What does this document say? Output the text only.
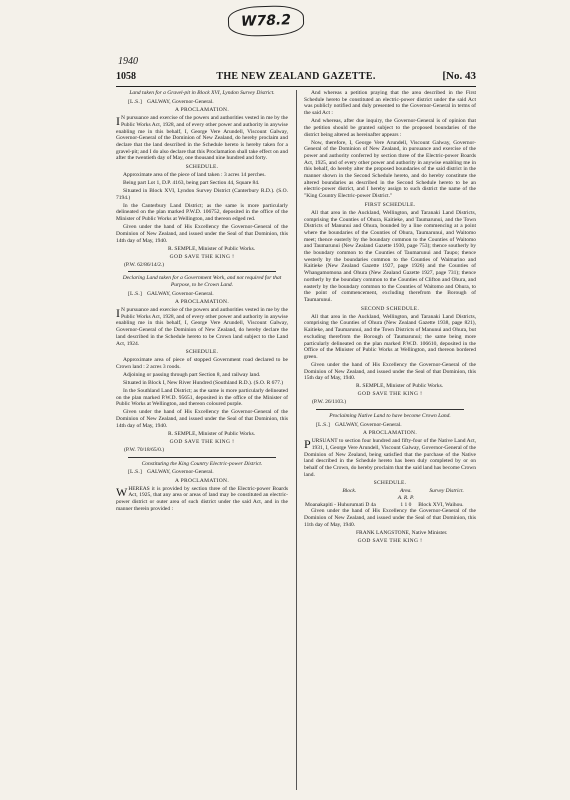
W78.2
1940
1058	THE NEW ZEALAND GAZETTE.	[No. 43

Land taken for a Gravel-pit in Block XVI, Lyndon Survey District.

[L.S.] GALWAY, Governor-General.

A PROCLAMATION.

I N pursuance and exercise of the powers and authorities vested in me by the Public Works Act, 1928, and of every other power and authority in anywise enabling me in this behalf, I, George Vere Arundell, Viscount Galway, Governor-General of the Dominion of New Zealand, do hereby proclaim and declare that the land described in the Schedule hereto is hereby taken for a gravel-pit; and I do also declare that this Proclamation shall take effect on and after the twentieth day of May, one thousand nine hundred and forty.

SCHEDULE.

Approximate area of the piece of land taken : 3 acres 14 perches.

Being part Lot 1, D.P. 4163, being part Section 44, Square 84.

Situated in Block XVI, Lyndon Survey District (Canterbury R.D.). (S.O. 7194.)

In the Canterbury Land District; as the same is more particularly delineated on the plan marked P.W.D. 106752, deposited in the office of the Minister of Public Works at Wellington, and thereon edged red.

Given under the hand of His Excellency the Governor-General of the Dominion of New Zealand, and issued under the Seal of that Dominion, this 14th day of May, 1940.

R. SEMPLE, Minister of Public Works.

GOD SAVE THE KING !

(P.W. 62/86/14/2.)

Declaring Land taken for a Government Work, and not required for that Purpose, to be Crown Land.

[L.S.] GALWAY, Governor-General.

A PROCLAMATION.

I N pursuance and exercise of the powers and authorities vested in me by the Public Works Act, 1928, and of every other power and authority in anywise enabling me in this behalf, I, George Vere Arundell, Viscount Galway, Governor-General of the Dominion of New Zealand, do hereby declare the land described in the Schedule hereto to be Crown land subject to the Land Act, 1924.

SCHEDULE.

Approximate area of piece of stopped Government road declared to be Crown land : 2 acres 3 roods.

Adjoining or passing through part Section 8, and railway land.

Situated in Block I, New River Hundred (Southland R.D.). (S.O. R 677.)

In the Southland Land District; as the same is more particularly delineated on the plan marked P.W.D. 95651, deposited in the office of the Minister of Public Works at Wellington, and thereon coloured purple.

Given under the hand of His Excellency the Governor-General of the Dominion of New Zealand, and issued under the Seal of that Dominion, this 14th day of May, 1940.

R. SEMPLE, Minister of Public Works.

GOD SAVE THE KING !

(P.W. 70/18/65/0.)

Constituting the King Country Electric-power District.

[L.S.] GALWAY, Governor-General.

A PROCLAMATION.

WHEREAS it is provided by section three of the Electric-power Boards Act, 1925, that any area or areas of land may be constituted an electric-power district or outer area of such district under the said Act, and in the manner therein provided :

And whereas a petition praying that the area described in the First Schedule hereto be constituted an electric-power district under the said Act was publicly notified and duly presented to the Governor-General in terms of the said Act :

And whereas, after due inquiry, the Governor-General is of opinion that the petition should be granted subject to the proposed boundaries of the district being altered as hereinafter appears :

Now, therefore, I, George Vere Arundell, Viscount Galway, Governor-General of the Dominion of New Zealand, in pursuance and exercise of the power and authority conferred by section three of the Electric-power Boards Act, 1925, and of every other power and authority in anywise enabling me in this behalf, do hereby alter the proposed boundaries of the said district in the manner shown in the Second Schedule hereto, and do hereby constitute the altered boundaries as described in the Second Schedule hereto to be an electric-power district, and I hereby assign to such district the name of the "King Country Electric-power District."

FIRST SCHEDULE.

All that area in the Auckland, Wellington, and Taranaki Land Districts, comprising the Counties of Ohura, Kaitieke, and Taumarunui, and the Town Districts of Manunui and Ohura, bounded by a line commencing at a point where the boundaries of the Counties of Ohura, Taumarunui, and Waitomo meet; thence easterly by the boundary common to the Counties of Waitomo and Taumarunui (New Zealand Gazette 1930, page 753); thence southerly by the boundary common to the Counties of Taumarunui and Taupo; thence westerly by the boundaries common to the Counties of Waimarino and Kaitieke (New Zealand Gazette 1927, page 1926) and the Counties of Whangamomona and Ohura (New Zealand Gazette 1927, page 731); thence northerly by the boundary common to the Counties of Clifton and Ohura, and easterly by the boundary common to the Counties of Waitomo and Ohura, to the point of commencement, excluding therefrom the Borough of Taumarunui.

SECOND SCHEDULE.

All that area in the Auckland, Wellington, and Taranaki Land Districts, comprising the Counties of Ohura (New Zealand Gazette 1938, page 821), Kaitieke, and Taumarunui, and the Town Districts of Manunui and Ohura, but excluding therefrom the Borough of Taumarunui; the same being more particularly delineated on the plan marked P.W.D. 106610, deposited in the Office of the Minister of Public Works at Wellington, and thereon bordered green.

Given under the hand of His Excellency the Governor-General of the Dominion of New Zealand, and issued under the Seal of that Dominion, this 15th day of May, 1940.

R. SEMPLE, Minister of Public Works.

GOD SAVE THE KING !

(P.W. 26/1103.)

Proclaiming Native Land to have become Crown Land.

[L.S.] GALWAY, Governor-General.

A PROCLAMATION.

PURSUANT to section four hundred and fifty-four of the Native Land Act, 1931, I, George Vere Arundell, Viscount Galway, Governor-General of the Dominion of New Zealand, being satisfied that the purchase of the Native land described in the Schedule hereto has been duly completed by or on behalf of the Crown, do hereby proclaim that the said land has become Crown land.

SCHEDULE.

Block.	Area.	Survey District.
	A. R. P.	
Moanakapiti - Huhurumati D 4a	1 1 0	Block XVI, Waihou.

Given under the hand of His Excellency the Governor-General of the Dominion of New Zealand, and issued under the Seal of that Dominion, this 11th day of May, 1940.

FRANK LANGSTONE, Native Minister.

GOD SAVE THE KING !
